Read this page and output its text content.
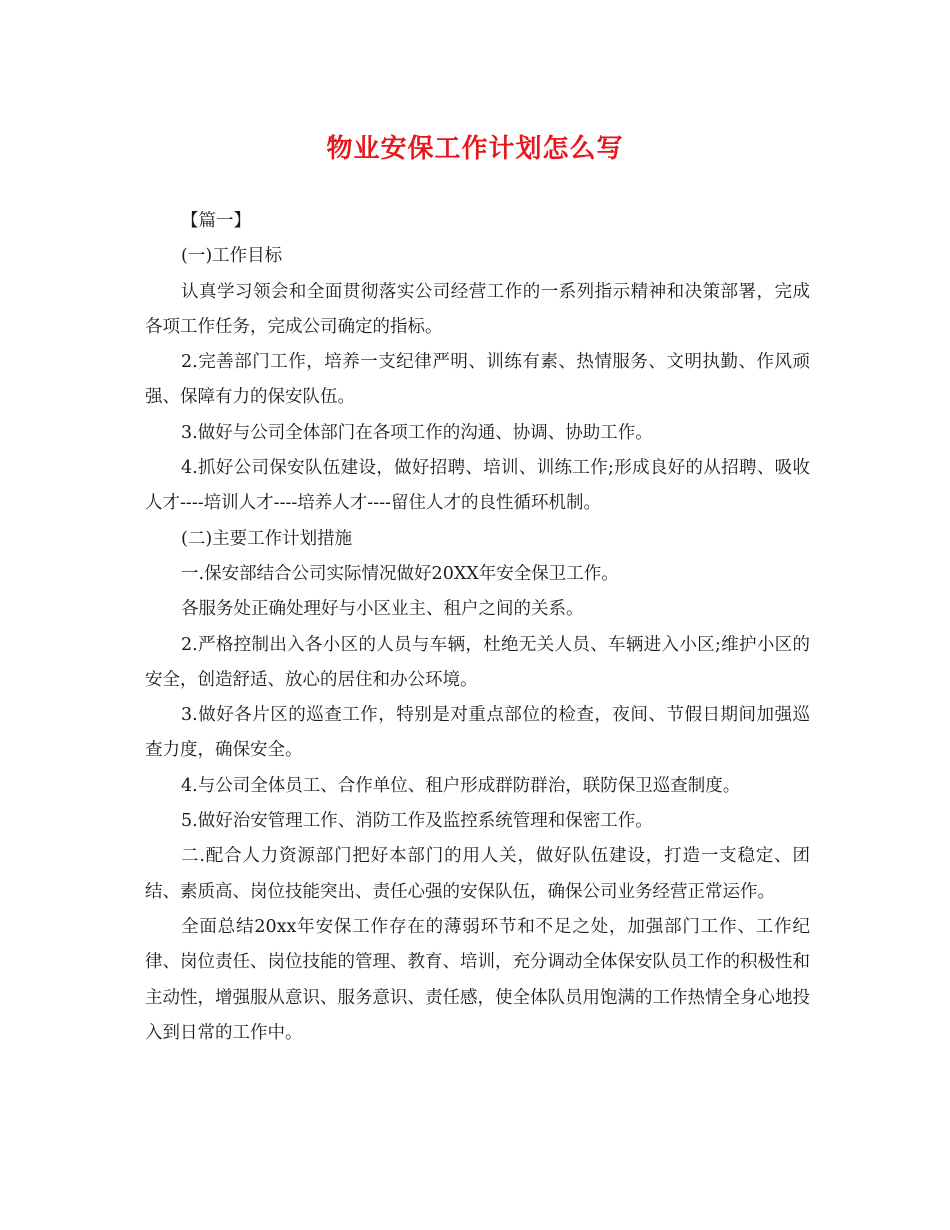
物业安保工作计划怎么写

【篇一】

(一)工作目标

认真学习领会和全面贯彻落实公司经营工作的一系列指示精神和决策部署，完成各项工作任务，完成公司确定的指标。

2.完善部门工作，培养一支纪律严明、训练有素、热情服务、文明执勤、作风顽强、保障有力的保安队伍。

3.做好与公司全体部门在各项工作的沟通、协调、协助工作。

4.抓好公司保安队伍建设，做好招聘、培训、训练工作;形成良好的从招聘、吸收人才----培训人才----培养人才----留住人才的良性循环机制。

(二)主要工作计划措施

一.保安部结合公司实际情况做好20XX年安全保卫工作。

各服务处正确处理好与小区业主、租户之间的关系。

2.严格控制出入各小区的人员与车辆，杜绝无关人员、车辆进入小区;维护小区的安全，创造舒适、放心的居住和办公环境。

3.做好各片区的巡查工作，特别是对重点部位的检查，夜间、节假日期间加强巡查力度，确保安全。

4.与公司全体员工、合作单位、租户形成群防群治，联防保卫巡查制度。

5.做好治安管理工作、消防工作及监控系统管理和保密工作。

二.配合人力资源部门把好本部门的用人关，做好队伍建设，打造一支稳定、团结、素质高、岗位技能突出、责任心强的安保队伍，确保公司业务经营正常运作。

全面总结20xx年安保工作存在的薄弱环节和不足之处，加强部门工作、工作纪律、岗位责任、岗位技能的管理、教育、培训，充分调动全体保安队员工作的积极性和主动性，增强服从意识、服务意识、责任感，使全体队员用饱满的工作热情全身心地投入到日常的工作中。
